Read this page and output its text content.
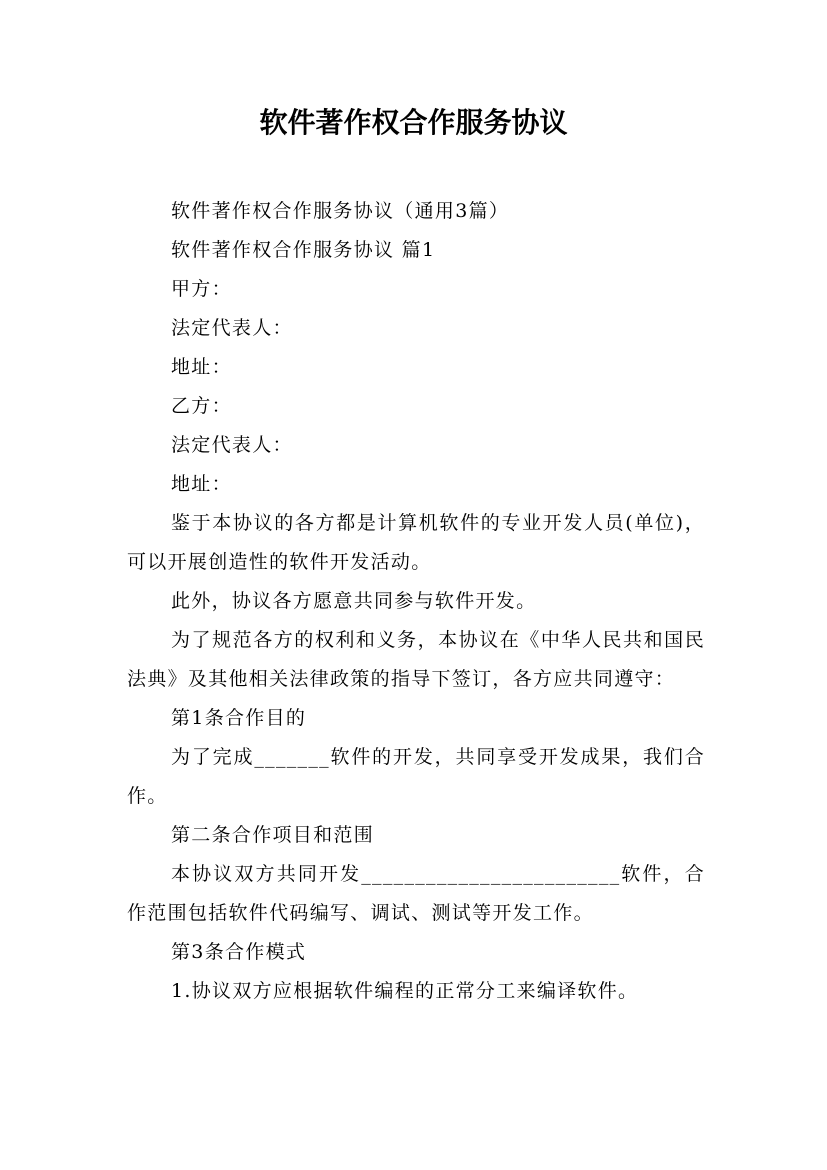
软件著作权合作服务协议

软件著作权合作服务协议（通用3篇）

软件著作权合作服务协议 篇1

甲方：

法定代表人：

地址：

乙方：

法定代表人：

地址：

鉴于本协议的各方都是计算机软件的专业开发人员(单位)，可以开展创造性的软件开发活动。

此外，协议各方愿意共同参与软件开发。

为了规范各方的权利和义务，本协议在《中华人民共和国民法典》及其他相关法律政策的指导下签订，各方应共同遵守：

第1条合作目的

为了完成_______软件的开发，共同享受开发成果，我们合作。

第二条合作项目和范围

本协议双方共同开发________________________软件，合作范围包括软件代码编写、调试、测试等开发工作。

第3条合作模式

1.协议双方应根据软件编程的正常分工来编译软件。
